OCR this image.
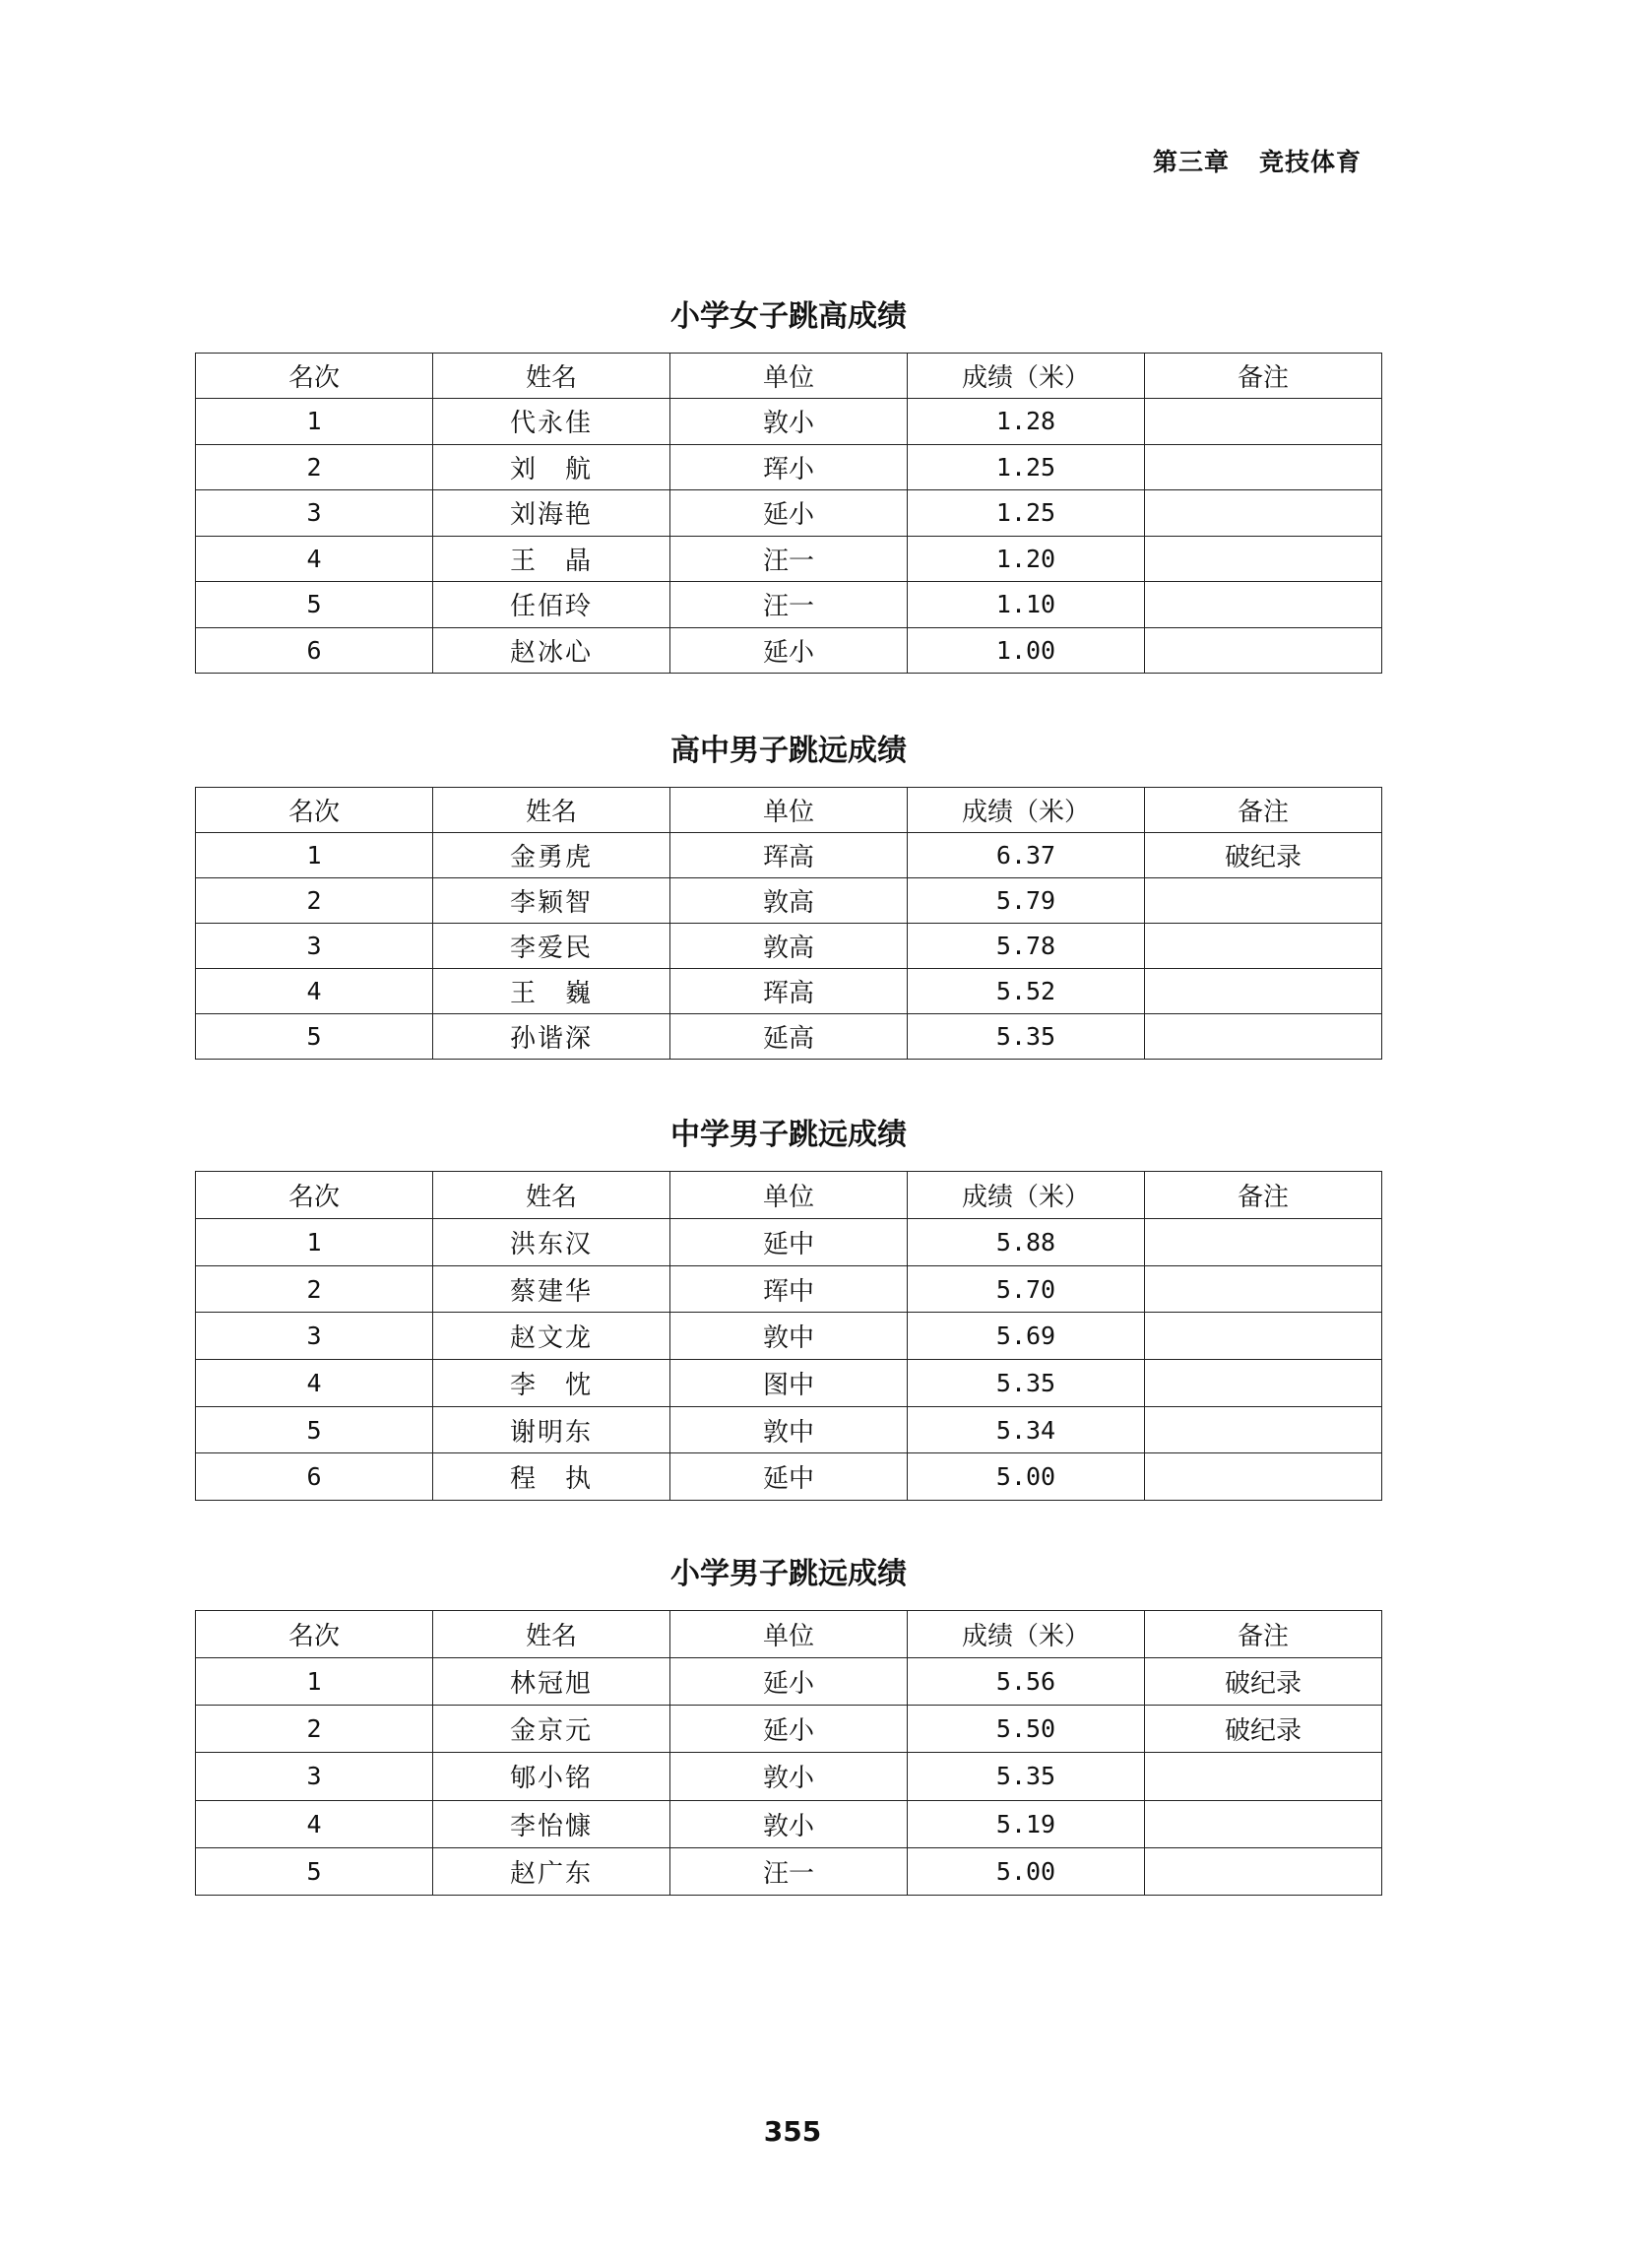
第三章 竞技体育
小学女子跳高成绩
名次	姓名	单位	成绩（米）	备注
1	代永佳	敦小	1.28	
2	刘　航	珲小	1.25	
3	刘海艳	延小	1.25	
4	王　晶	汪一	1.20	
5	任佰玲	汪一	1.10	
6	赵冰心	延小	1.00	
高中男子跳远成绩
名次	姓名	单位	成绩（米）	备注
1	金勇虎	珲高	6.37	破纪录
2	李颖智	敦高	5.79	
3	李爱民	敦高	5.78	
4	王　巍	珲高	5.52	
5	孙谐深	延高	5.35	
中学男子跳远成绩
名次	姓名	单位	成绩（米）	备注
1	洪东汉	延中	5.88	
2	蔡建华	珲中	5.70	
3	赵文龙	敦中	5.69	
4	李　忱	图中	5.35	
5	谢明东	敦中	5.34	
6	程　执	延中	5.00	
小学男子跳远成绩
名次	姓名	单位	成绩（米）	备注
1	林冠旭	延小	5.56	破纪录
2	金京元	延小	5.50	破纪录
3	郇小铭	敦小	5.35	
4	李怡慷	敦小	5.19	
5	赵广东	汪一	5.00	
355
